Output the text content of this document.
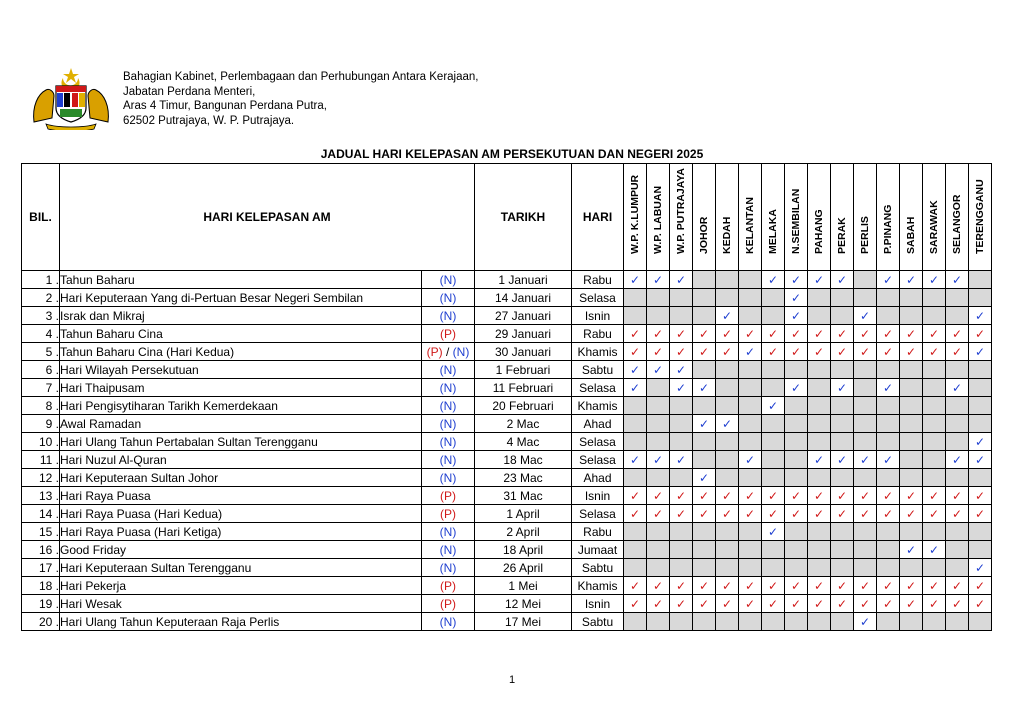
Bahagian Kabinet, Perlembagaan dan Perhubungan Antara Kerajaan,
Jabatan Perdana Menteri,
Aras 4 Timur, Bangunan Perdana Putra,
62502 Putrajaya, W. P. Putrajaya.
JADUAL HARI KELEPASAN AM PERSEKUTUAN DAN NEGERI 2025
BIL.	HARI KELEPASAN AM		TARIKH	HARI	W.P. K.LUMPUR	W.P. LABUAN	W.P. PUTRAJAYA	JOHOR	KEDAH	KELANTAN	MELAKA	N.SEMBILAN	PAHANG	PERAK	PERLIS	P.PINANG	SABAH	SARAWAK	SELANGOR	TERENGGANU

1 .	Tahun Baharu	(N)	1 Januari	Rabu	✓	✓	✓				✓	✓	✓	✓		✓	✓	✓	✓	
2 .	Hari Keputeraan Yang di-Pertuan Besar Negeri Sembilan	(N)	14 Januari	Selasa								✓								
3 .	Israk dan Mikraj	(N)	27 Januari	Isnin					✓			✓			✓					✓
4 .	Tahun Baharu Cina	(P)	29 Januari	Rabu	✓	✓	✓	✓	✓	✓	✓	✓	✓	✓	✓	✓	✓	✓	✓	✓
5 .	Tahun Baharu Cina (Hari Kedua)	(P) / (N)	30 Januari	Khamis	✓	✓	✓	✓	✓	✓	✓	✓	✓	✓	✓	✓	✓	✓	✓	✓
6 .	Hari Wilayah Persekutuan	(N)	1 Februari	Sabtu	✓	✓	✓													
7 .	Hari Thaipusam	(N)	11 Februari	Selasa	✓		✓	✓				✓		✓		✓			✓	
8 .	Hari Pengisytiharan Tarikh Kemerdekaan	(N)	20 Februari	Khamis							✓									
9 .	Awal Ramadan	(N)	2 Mac	Ahad				✓	✓											
10 .	Hari Ulang Tahun Pertabalan Sultan Terengganu	(N)	4 Mac	Selasa																✓
11 .	Hari Nuzul Al-Quran	(N)	18 Mac	Selasa	✓	✓	✓			✓			✓	✓	✓	✓			✓	✓
12 .	Hari Keputeraan Sultan Johor	(N)	23 Mac	Ahad				✓												
13 .	Hari Raya Puasa	(P)	31 Mac	Isnin	✓	✓	✓	✓	✓	✓	✓	✓	✓	✓	✓	✓	✓	✓	✓	✓
14 .	Hari Raya Puasa (Hari Kedua)	(P)	1 April	Selasa	✓	✓	✓	✓	✓	✓	✓	✓	✓	✓	✓	✓	✓	✓	✓	✓
15 .	Hari Raya Puasa (Hari Ketiga)	(N)	2 April	Rabu							✓									
16 .	Good Friday	(N)	18 April	Jumaat													✓	✓		
17 .	Hari Keputeraan Sultan Terengganu	(N)	26 April	Sabtu																✓
18 .	Hari Pekerja	(P)	1 Mei	Khamis	✓	✓	✓	✓	✓	✓	✓	✓	✓	✓	✓	✓	✓	✓	✓	✓
19 .	Hari Wesak	(P)	12 Mei	Isnin	✓	✓	✓	✓	✓	✓	✓	✓	✓	✓	✓	✓	✓	✓	✓	✓
20 .	Hari Ulang Tahun Keputeraan Raja Perlis	(N)	17 Mei	Sabtu											✓					
1
